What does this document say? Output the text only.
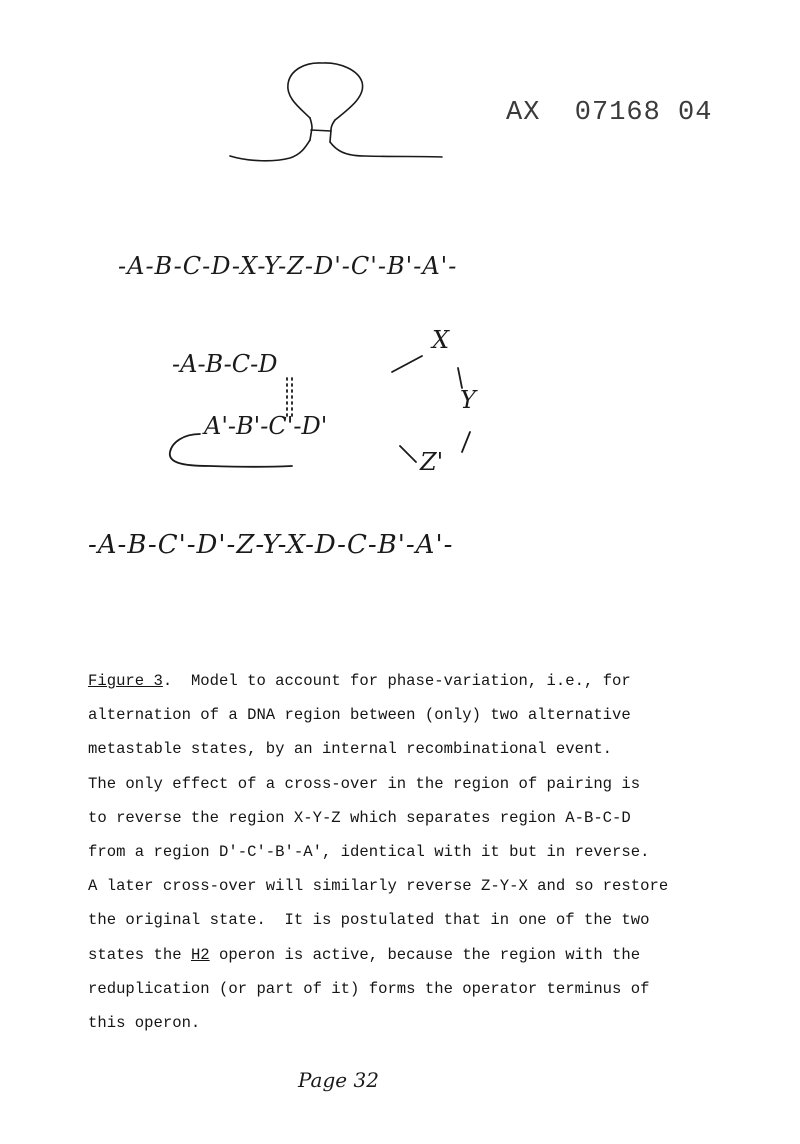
AX  07168 04
-A-B-C-D-X-Y-Z-D'-C'-B'-A'-
-A-B-C-D
X
Y
A'-B'-C'-D'
Z'
-A-B-C'-D'-Z-Y-X-D-C-B'-A'-
Figure 3.  Model to account for phase-variation, i.e., for
alternation of a DNA region between (only) two alternative
metastable states, by an internal recombinational event.
The only effect of a cross-over in the region of pairing is
to reverse the region X-Y-Z which separates region A-B-C-D
from a region D'-C'-B'-A', identical with it but in reverse.
A later cross-over will similarly reverse Z-Y-X and so restore
the original state.  It is postulated that in one of the two
states the H2 operon is active, because the region with the
reduplication (or part of it) forms the operator terminus of
this operon.
Page 32
